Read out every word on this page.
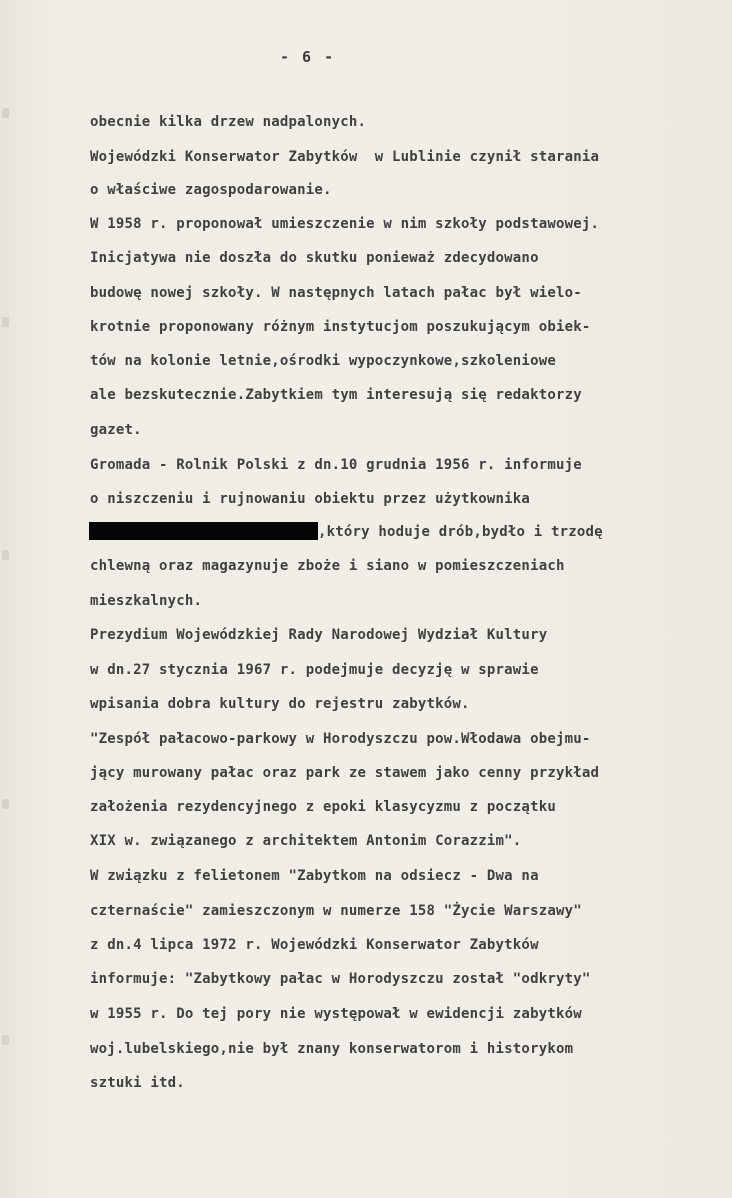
- 6 -
obecnie kilka drzew nadpalonych.
Wojewódzki Konserwator Zabytków  w Lublinie czynił starania
o właściwe zagospodarowanie.
W 1958 r. proponował umieszczenie w nim szkoły podstawowej.
Inicjatywa nie doszła do skutku ponieważ zdecydowano
budowę nowej szkoły. W następnych latach pałac był wielo-
krotnie proponowany różnym instytucjom poszukującym obiek-
tów na kolonie letnie,ośrodki wypoczynkowe,szkoleniowe
ale bezskutecznie.Zabytkiem tym interesują się redaktorzy
gazet.
Gromada - Rolnik Polski z dn.10 grudnia 1956 r. informuje
o niszczeniu i rujnowaniu obiektu przez użytkownika
,który hoduje drób,bydło i trzodę
chlewną oraz magazynuje zboże i siano w pomieszczeniach
mieszkalnych.
Prezydium Wojewódzkiej Rady Narodowej Wydział Kultury
w dn.27 stycznia 1967 r. podejmuje decyzję w sprawie
wpisania dobra kultury do rejestru zabytków.
"Zespół pałacowo-parkowy w Horodyszczu pow.Włodawa obejmu-
jący murowany pałac oraz park ze stawem jako cenny przykład
założenia rezydencyjnego z epoki klasycyzmu z początku
XIX w. związanego z architektem Antonim Corazzim".
W związku z felietonem "Zabytkom na odsiecz - Dwa na
czternaście" zamieszczonym w numerze 158 "Życie Warszawy"
z dn.4 lipca 1972 r. Wojewódzki Konserwator Zabytków
informuje: "Zabytkowy pałac w Horodyszczu został "odkryty"
w 1955 r. Do tej pory nie występował w ewidencji zabytków
woj.lubelskiego,nie był znany konserwatorom i historykom
sztuki itd.
